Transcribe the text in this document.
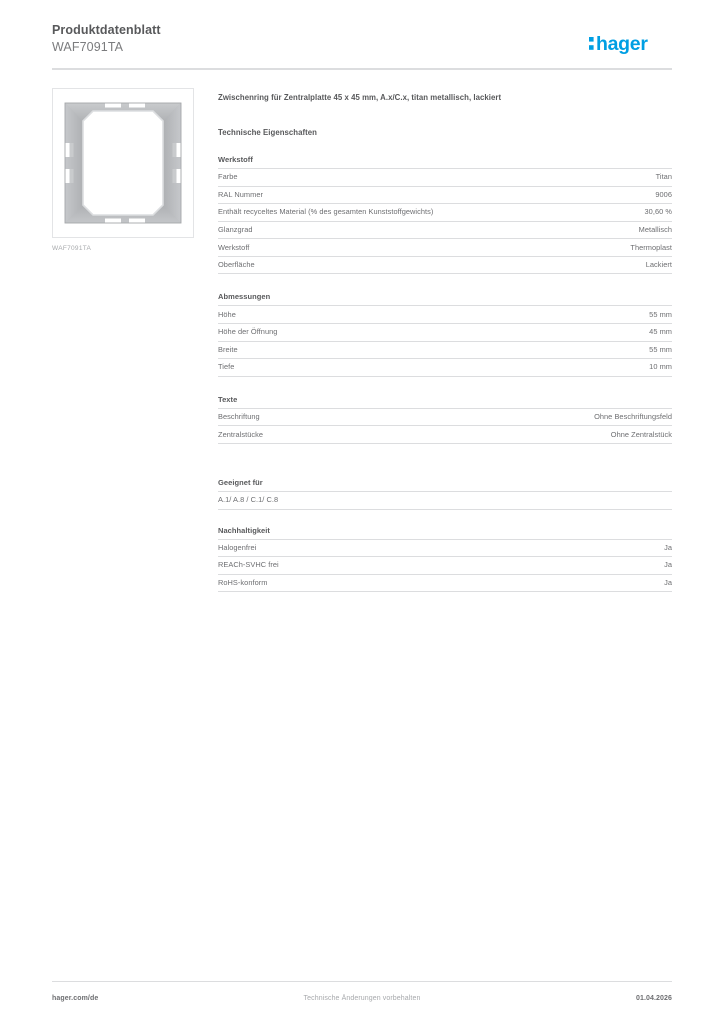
Produktdatenblatt
WAF7091TA	hager
WAF7091TA
Zwischenring für Zentralplatte 45 x 45 mm, A.x/C.x, titan metallisch, lackiert
Technische Eigenschaften
Werkstoff
Farbe	Titan
RAL Nummer	9006
Enthält recyceltes Material (% des gesamten Kunststoffgewichts)	30,60 %
Glanzgrad	Metallisch
Werkstoff	Thermoplast
Oberfläche	Lackiert
Abmessungen
Höhe	55 mm
Höhe der Öffnung	45 mm
Breite	55 mm
Tiefe	10 mm
Texte
Beschriftung	Ohne Beschriftungsfeld
Zentralstücke	Ohne Zentralstück
Geeignet für
A.1/ A.8 / C.1/ C.8	
Nachhaltigkeit
Halogenfrei	Ja
REACh-SVHC frei	Ja
RoHS-konform	Ja
hager.com/de	Technische Änderungen vorbehalten	01.04.2026
